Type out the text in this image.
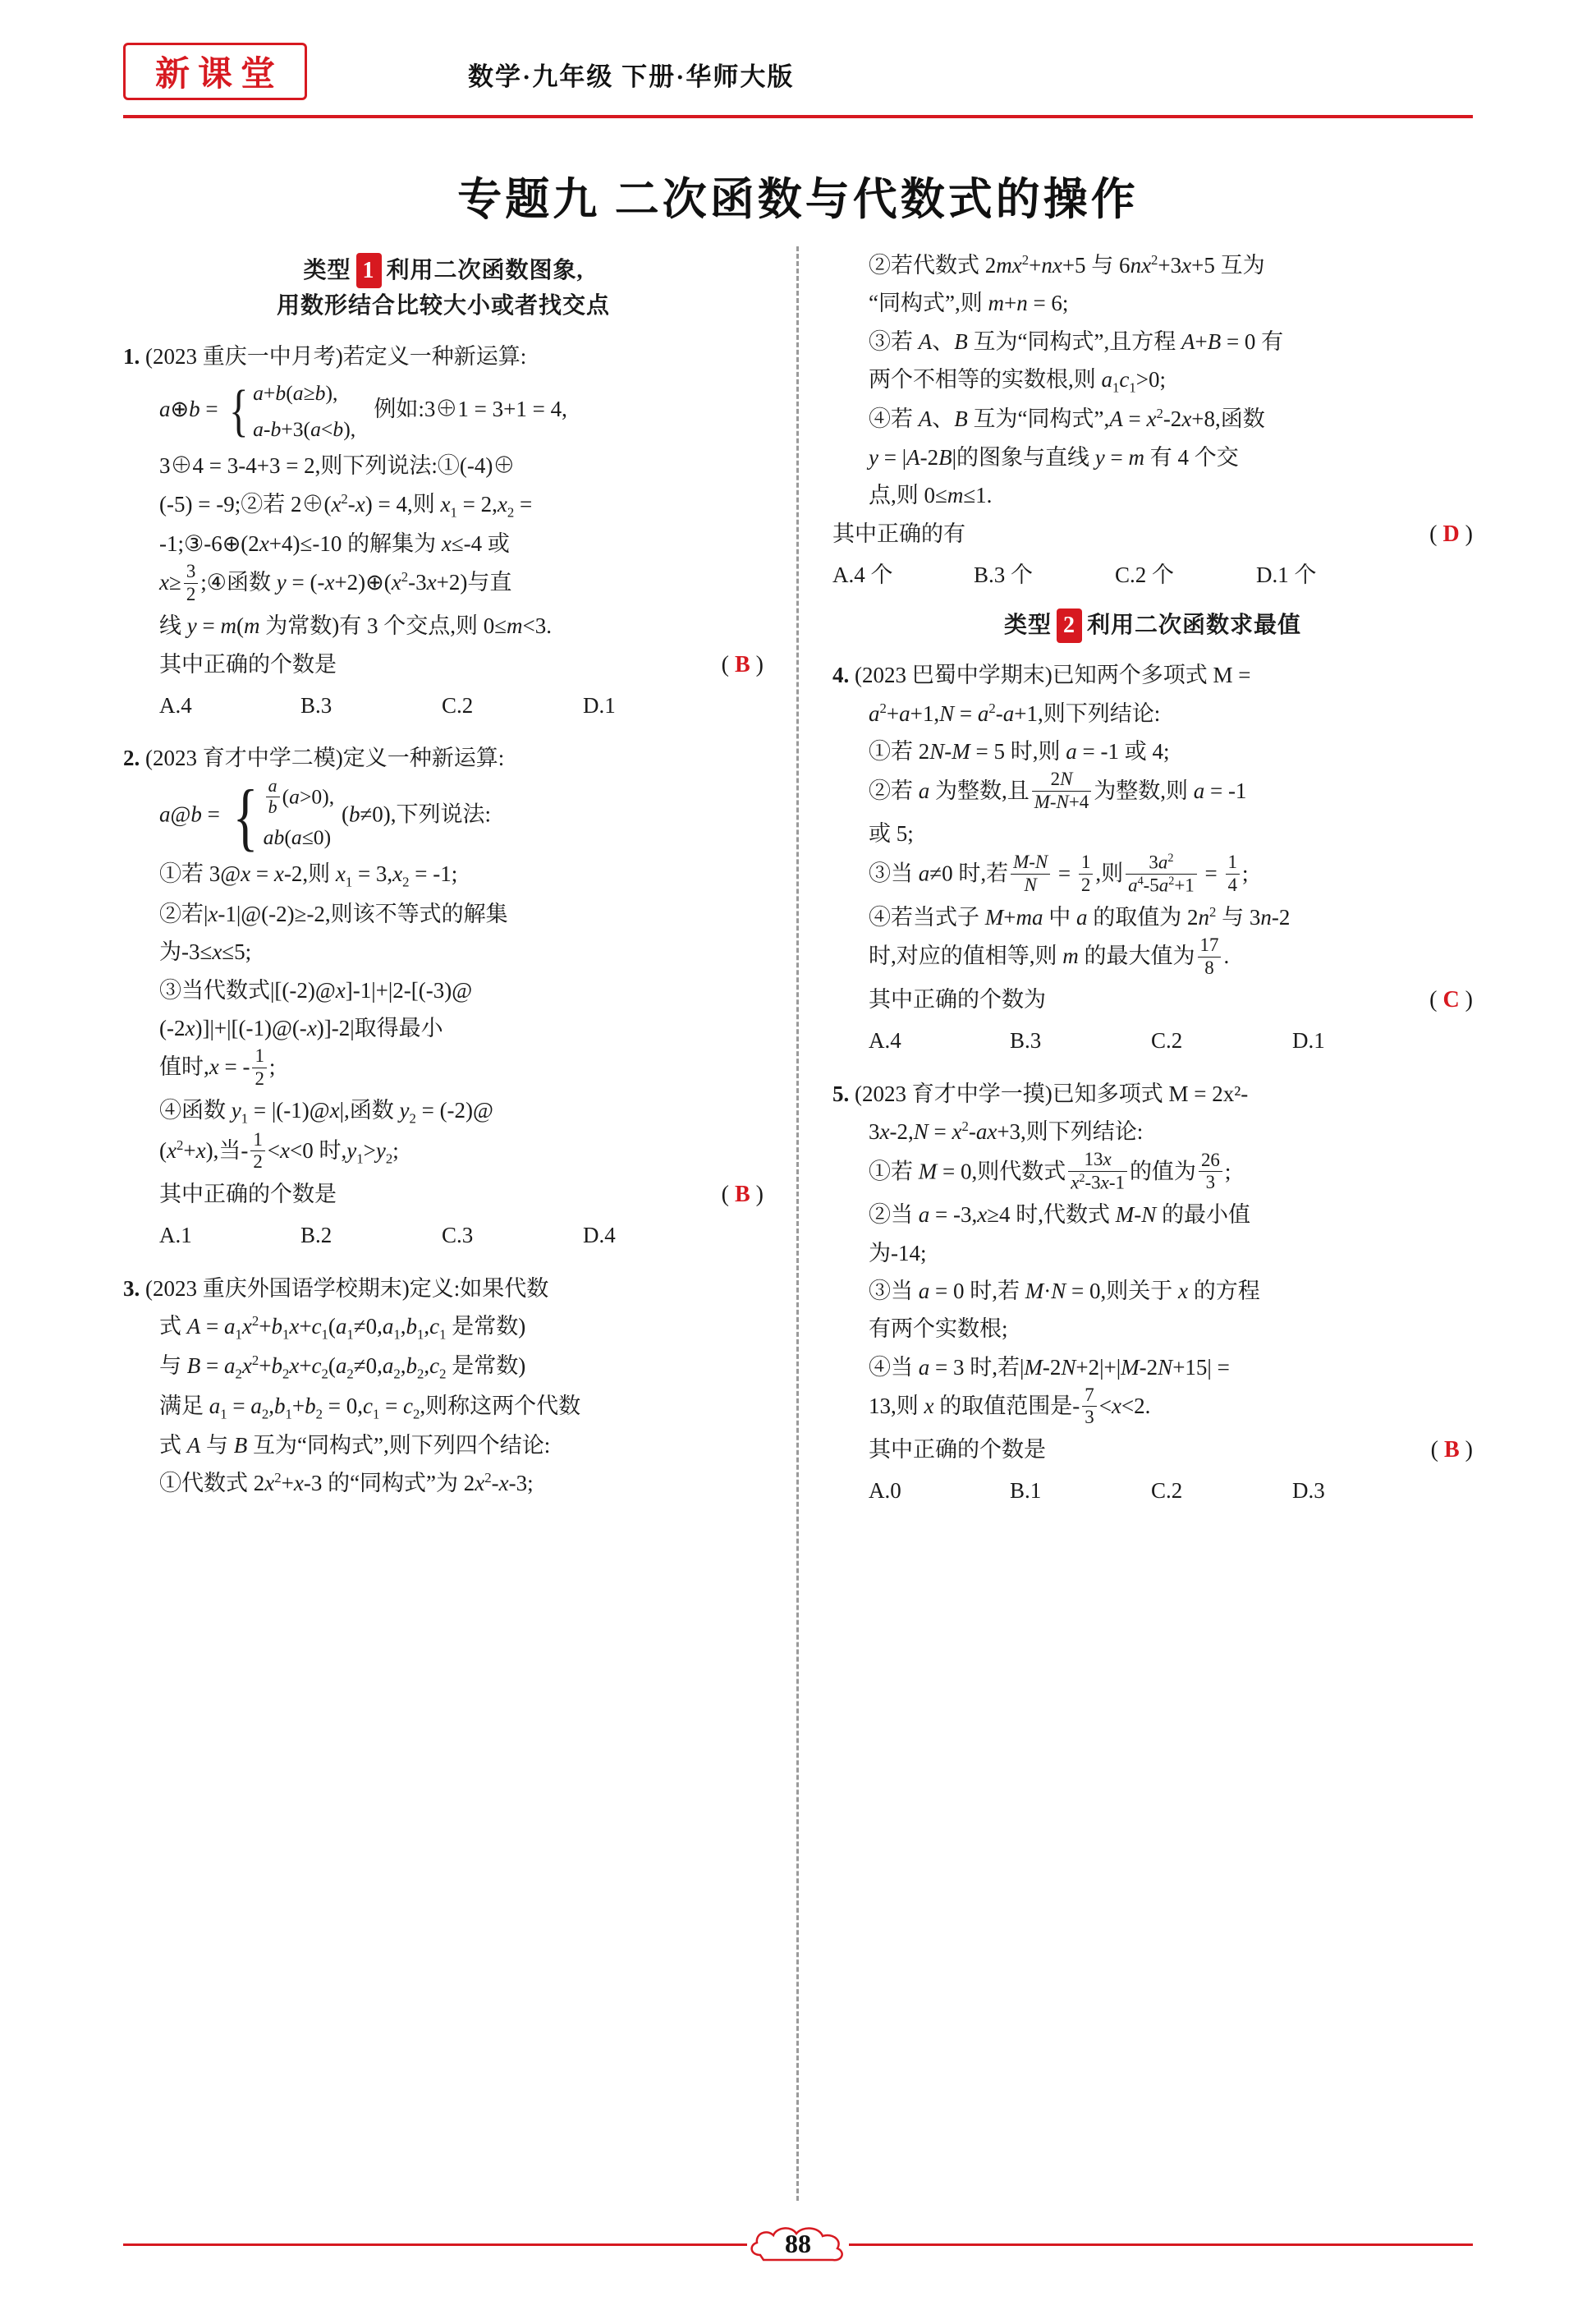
新课堂	数学·九年级 下册·华师大版
专题九 二次函数与代数式的操作
类型 1 利用二次函数图象,
用数形结合比较大小或者找交点
1. (2023 重庆一中月考)若定义一种新运算:
a⊕b = { a+b(a≥b),
a-b+3(a<b),
例如:3⊕1 = 3+1 = 4,
3⊕4 = 3-4+3 = 2,则下列说法:①(-4)⊕
(-5) = -9;②若 $2\oplus(x^2-x) = 4$,则 $x_1 = 2,x_2$ =
-1;③-6⊕(2x+4)≤-10 的解集为 x≤-4 或
$x\ge \frac{3}{2}$ ;④函数 $y = (-x+2)\oplus(x^2-3x+2)$与直
线 y = m(m 为常数)有 3 个交点,则 0≤m<3.
( B )
其中正确的个数是
A.4	B.3	C.2	D.1
2. (2023 育才中学二模)定义一种新运算:
a@b = { $\frac{a}{b} (a>0)$,
ab(a≤0)
(b≠0),下列说法:
①若 3@x = x-2,则 $x_1 = 3,x_2 = -1$;
②若|x-1|@(-2)≥-2,则该不等式的解集
为-3≤x≤5;
③当代数式|[(-2)@x]-1|+|2-[(-3)@
(-2x)]|+|[(-1)@(-x)]-2|取得最小
值时,x = - $\frac{1}{2}$ ;
④函数 $y_1$ = |(-1)@x|,函数 $y_2$ = (-2)@
$(x^2+x)$,当- $\frac{1}{2} <x<0$ 时$,y_1>y_2$;
( B )
其中正确的个数是
A.1	B.2	C.3	D.4
3. (2023 重庆外国语学校期末)定义:如果代数
式 $A = a_1x^2+b_1x+c_1(a_1\ne 0,a_1,b_1,c_1$ 是常数)
与 $B = a_2x^2+b_2x+c_2(a_2\ne 0,a_2,b_2,c_2$ 是常数)
满足 $a_1 = a_2,b_1+b_2 = 0,c_1 = c_2$,则称这两个代数
式 A 与 B 互为“同构式”,则下列四个结论:
①代数式 $2x^2+x-3$ 的“同构式”为 $2x^2-x-3$;
②若代数式 $2mx^2+nx+5$ 与 $6nx^2+3x+5$ 互为
“同构式”,则 m+n = 6;
③若 A、B 互为“同构式”,且方程 A+B = 0 有
两个不相等的实数根,则 $a_1c_1>0$;
④若 A、B 互为“同构式”,A = $x^2-2x+8$,函数
y = |A-2B|的图象与直线 y = m 有 4 个交
点,则 0≤m≤1.
( D )
其中正确的有
A.4 个	B.3 个	C.2 个	D.1 个
类型 2 利用二次函数求最值
4. (2023 巴蜀中学期末)已知两个多项式 M =
$a^2+a+1,N = a^2-a+1$,则下列结论:
①若 2N-M = 5 时,则 a = -1 或 4;
②若 a 为整数,且 $\frac{2N}{M-N+4}$ 为整数,则 a = -1
或 5;
③当 a≠0 时,若 $\frac{M-N}{N} = \frac{1}{2}$ ,则 $\frac{3a^2}{a^4-5a^2+1} = \frac{1}{4}$ ;
④若当式子 M+ma 中 a 的取值为 $2n^2$ 与 3n-2
时,对应的值相等,则 m 的最大值为 $\frac{17}{8}$ .
( C )
其中正确的个数为
A.4	B.3	C.2	D.1
5. (2023 育才中学一摸)已知多项式 M = 2x²-
$3x-2,N = x^2-ax+3$,则下列结论:
①若 M = 0,则代数式 $\frac{13x}{x^2-3x-1}$ 的值为 $\frac{26}{3}$ ;
②当 a = -3,x≥4 时,代数式 M-N 的最小值
为-14;
③当 a = 0 时,若 M·N = 0,则关于 x 的方程
有两个实数根;
④当 a = 3 时,若|M-2N+2|+|M-2N+15| =
13,则 x 的取值范围是- $\frac{7}{3} <x<2$.
( B )
其中正确的个数是
A.0	B.1	C.2	D.3
88
